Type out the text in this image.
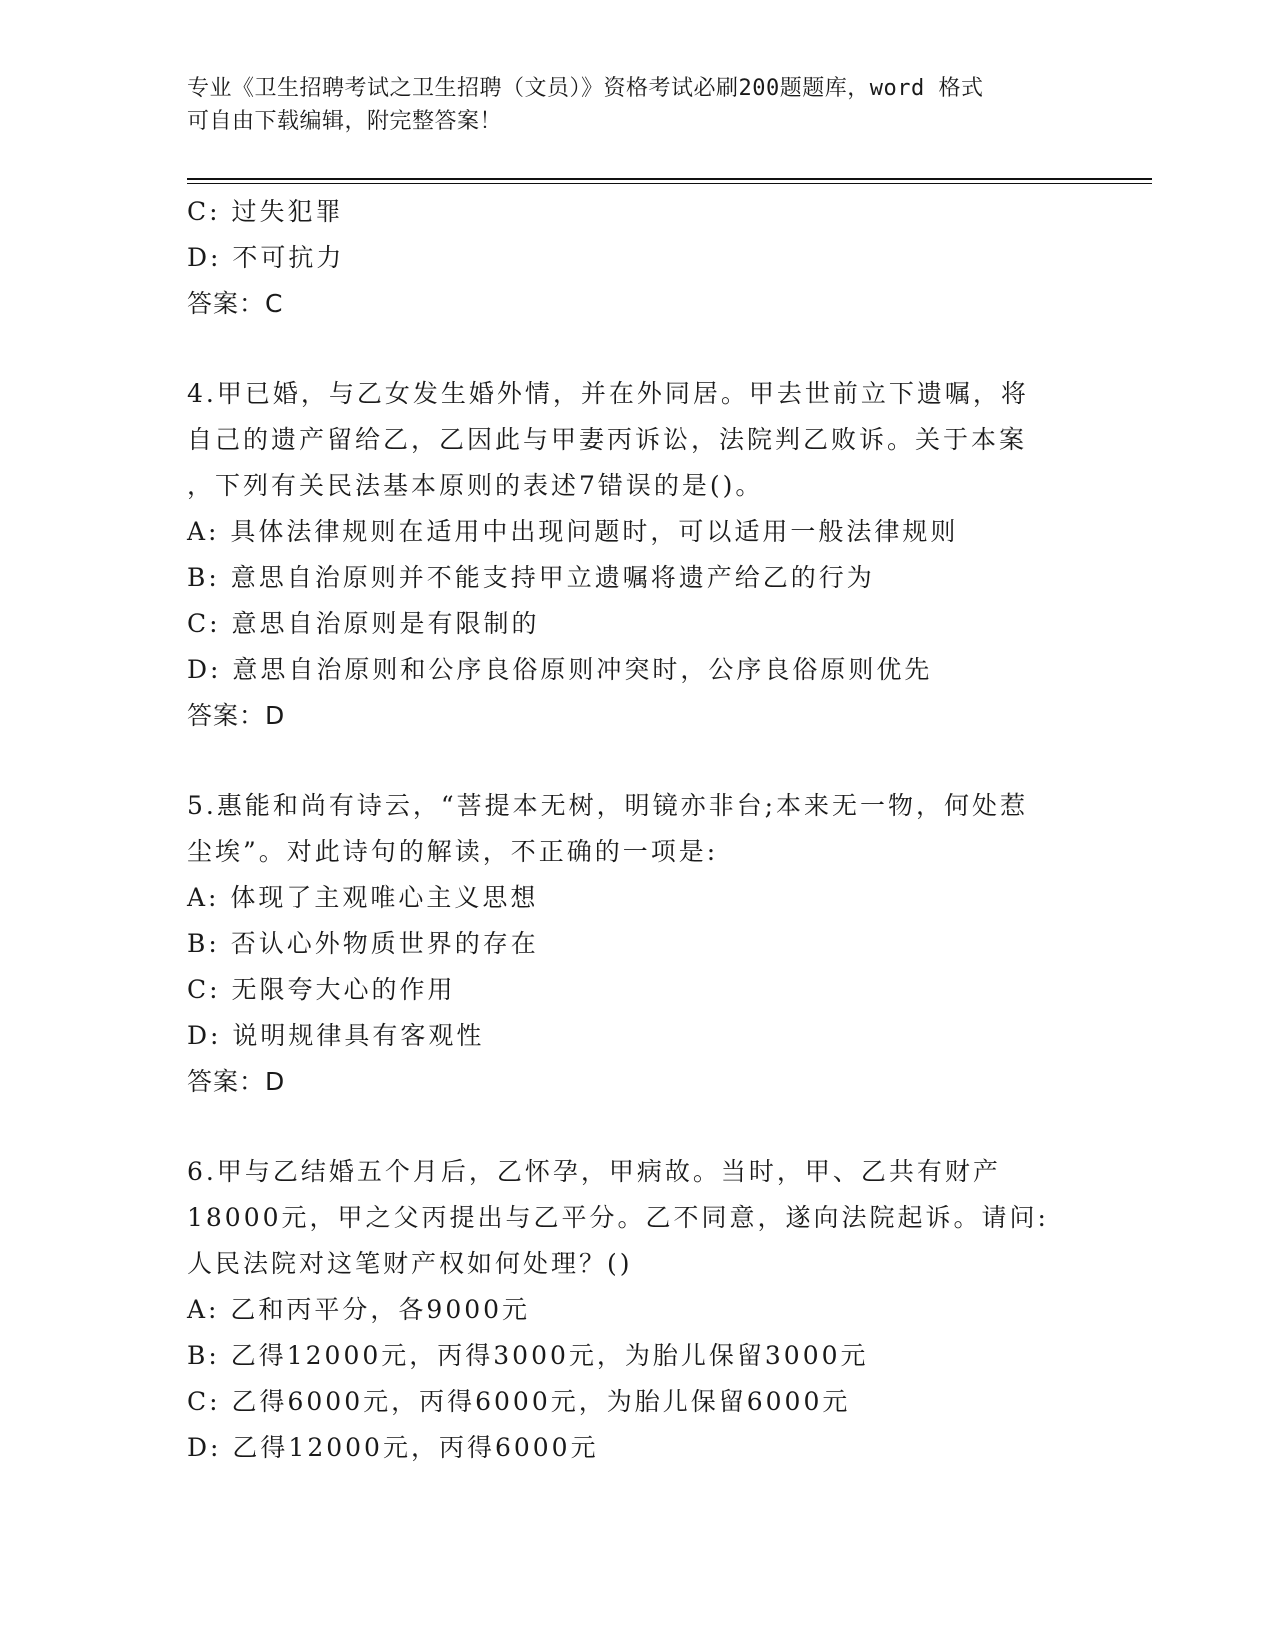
专业《卫生招聘考试之卫生招聘（文员）》资格考试必刷200题题库，word 格式
可自由下载编辑，附完整答案！
C: 过失犯罪
D: 不可抗力
答案：C
4.甲已婚，与乙女发生婚外情，并在外同居。甲去世前立下遗嘱，将
自己的遗产留给乙，乙因此与甲妻丙诉讼，法院判乙败诉。关于本案
，下列有关民法基本原则的表述7错误的是()。
A: 具体法律规则在适用中出现问题时，可以适用一般法律规则
B: 意思自治原则并不能支持甲立遗嘱将遗产给乙的行为
C: 意思自治原则是有限制的
D: 意思自治原则和公序良俗原则冲突时，公序良俗原则优先
答案：D
5.惠能和尚有诗云，“菩提本无树，明镜亦非台;本来无一物，何处惹
尘埃”。对此诗句的解读，不正确的一项是:
A: 体现了主观唯心主义思想
B: 否认心外物质世界的存在
C: 无限夸大心的作用
D: 说明规律具有客观性
答案：D
6.甲与乙结婚五个月后，乙怀孕，甲病故。当时，甲、乙共有财产
18000元，甲之父丙提出与乙平分。乙不同意，遂向法院起诉。请问:
人民法院对这笔财产权如何处理？()
A: 乙和丙平分，各9000元
B: 乙得12000元，丙得3000元，为胎儿保留3000元
C: 乙得6000元，丙得6000元，为胎儿保留6000元
D: 乙得12000元，丙得6000元
